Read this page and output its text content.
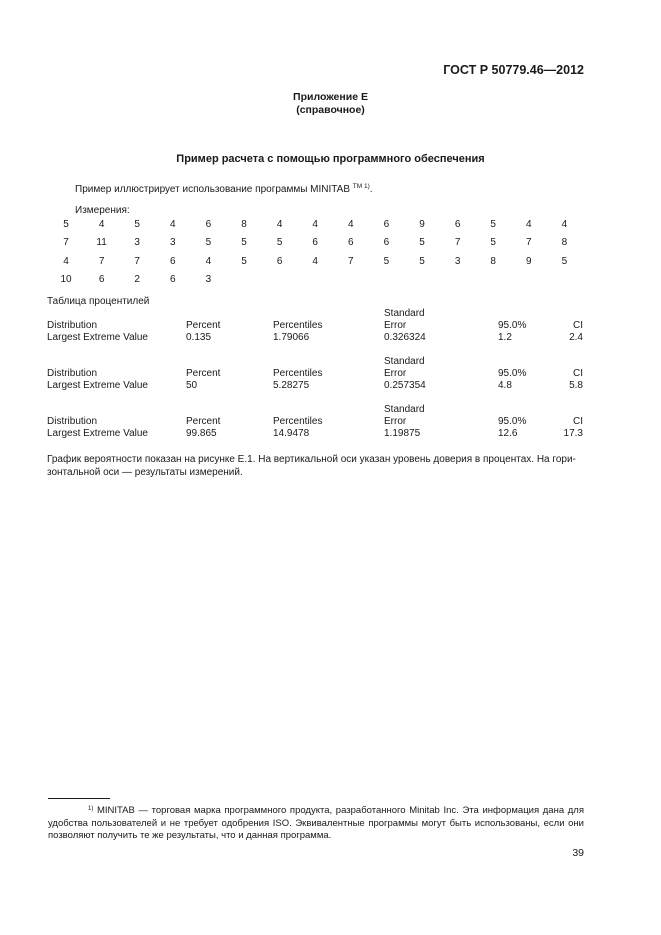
ГОСТ Р 50779.46—2012
Приложение Е
(справочное)
Пример расчета с помощью программного обеспечения
Пример иллюстрирует использование программы MINITAB $^{TM 1)}$.
Измерения:
5	4	5	4	6	8	4	4	4	6	9	6	5	4	4
7	11	3	3	5	5	5	6	6	6	5	7	5	7	8
4	7	7	6	4	5	6	4	7	5	5	3	8	9	5
10	6	2	6	3
Таблица процентилей
Standard
Distribution	Percent	Percentiles	Error	95.0%	CI
Largest Extreme Value	0.135	1.79066	0.326324	1.2	2.4
Standard
Distribution	Percent	Percentiles	Error	95.0%	CI
Largest Extreme Value	50	5.28275	0.257354	4.8	5.8
Standard
Distribution	Percent	Percentiles	Error	95.0%	CI
Largest Extreme Value	99.865	14.9478	1.19875	12.6	17.3
График вероятности показан на рисунке Е.1. На вертикальной оси указан уровень доверия в процентах. На гори-
зонтальной оси — результаты измерений.
$^{1)}$ MINITAB — торговая марка программного продукта, разработанного Minitab Inc. Эта информация дана для удобства пользователей и не требует одобрения ISO. Эквивалентные программы могут быть использованы, если они позволяют получить те же результаты, что и данная программа.
39
